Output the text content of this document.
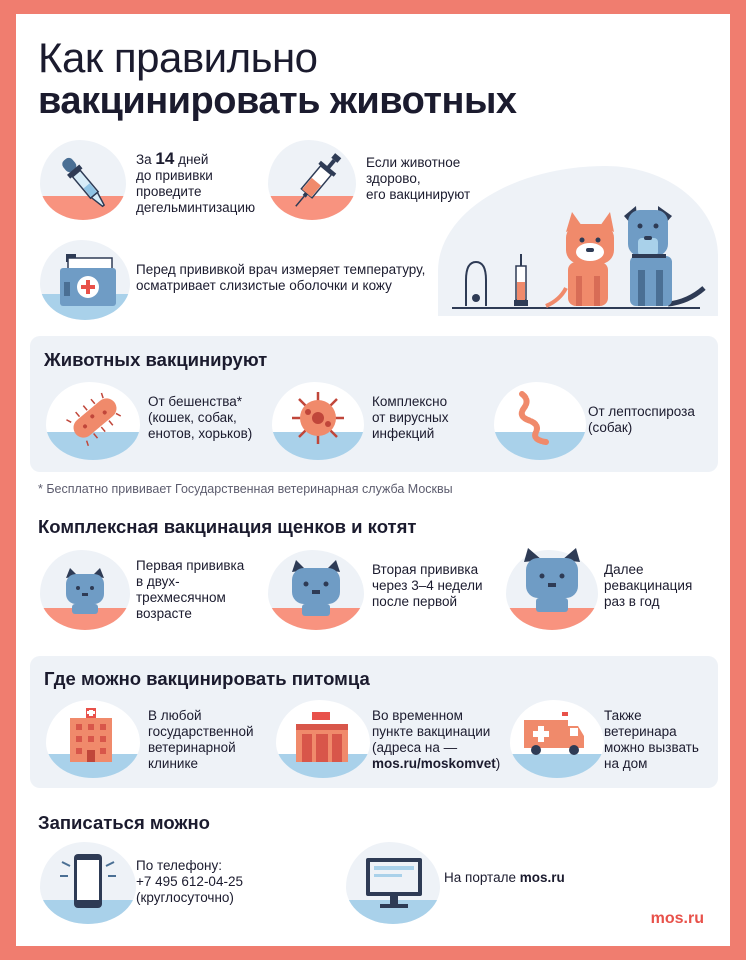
Как правильно
вакцинировать животных
За 14 дней
до прививки
проведите
дегельминтизацию
Если животное
здорово,
его вакцинируют
Перед прививкой врач измеряет температуру,
осматривает слизистые оболочки и кожу
Животных вакцинируют
От бешенства*
(кошек, собак,
енотов, хорьков)
Комплексно
от вирусных
инфекций
От лептоспироза
(собак)
* Бесплатно прививает Государственная ветеринарная служба Москвы
Комплексная вакцинация щенков и котят
Первая прививка
в двух-
трехмесячном
возрасте
Вторая прививка
через 3–4 недели
после первой
Далее
ревакцинация
раз в год
Где можно вакцинировать питомца
В любой
государственной
ветеринарной
клинике
Во временном
пункте вакцинации
(адреса на —
mos.ru/moskomvet)
Также
ветеринара
можно вызвать
на дом
Записаться можно
По телефону:
+7 495 612-04-25
(круглосуточно)
На портале mos.ru
mos.ru
